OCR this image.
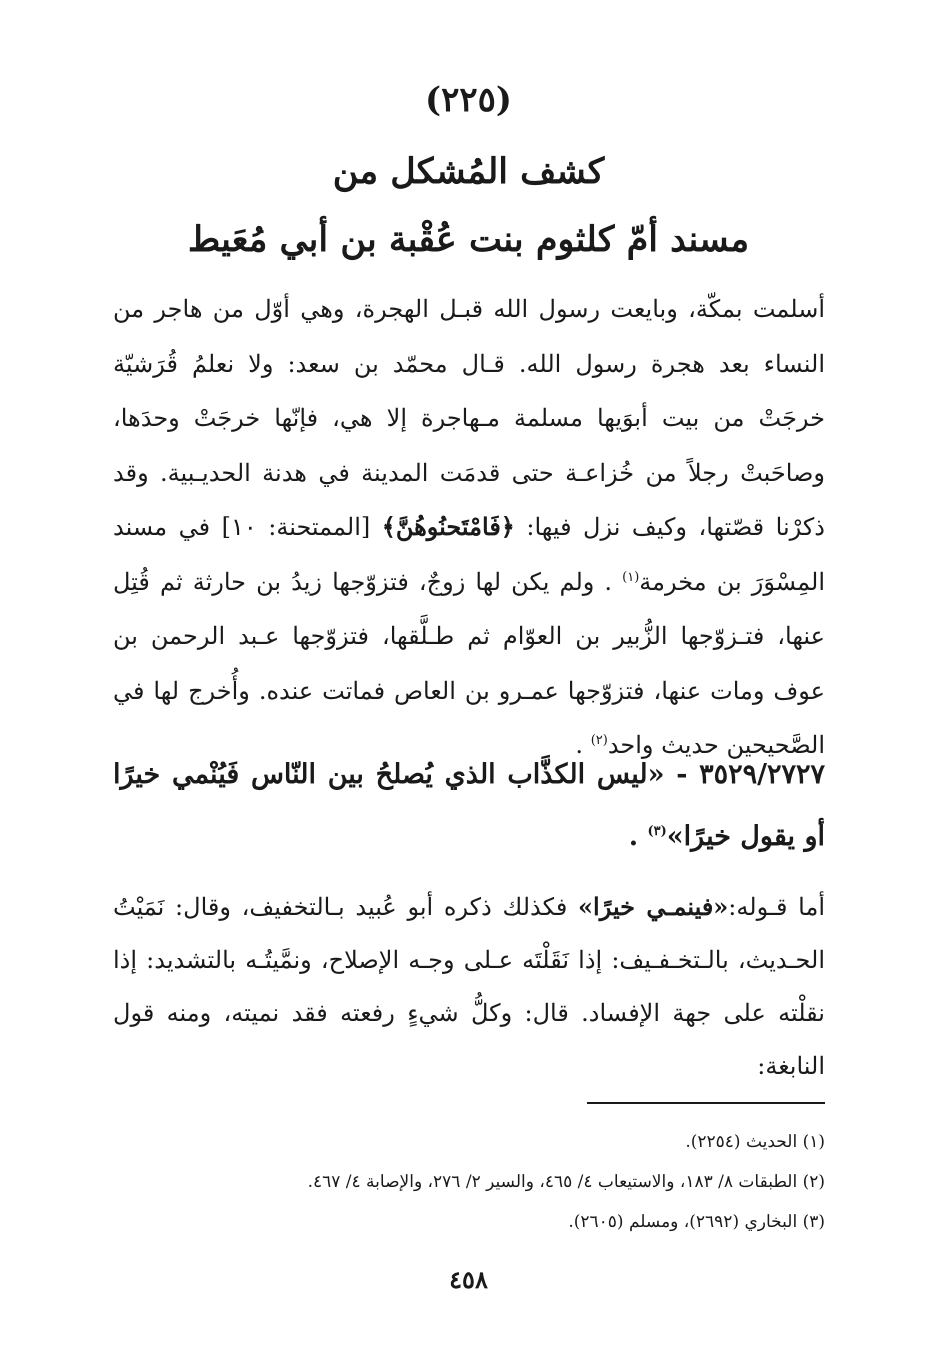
(٢٢٥)
كشف المُشكل من
مسند أمّ كلثوم بنت عُقْبة بن أبي مُعَيط

أسلمت بمكّة، وبايعت رسول الله قبـل الهجرة، وهي أوّل من هاجر من النساء بعد هجرة رسول الله. قـال محمّد بن سعد: ولا نعلمُ قُرَشيّة خرجَتْ من بيت أبوَيها مسلمة مـهاجرة إلا هي، فإنّها خرجَتْ وحدَها، وصاحَبتْ رجلاً من خُزاعـة حتى قدمَت المدينة في هدنة الحديـبية. وقد ذكرْنا قصّتها، وكيف نزل فيها: ﴿فَامْتَحنُوهُنَّ﴾ [الممتحنة: ١٠] في مسند المِسْوَرَ بن مخرمة$^{(١)}$ . ولم يكن لها زوجٌ، فتزوّجها زيدُ بن حارثة ثم قُتِل عنها، فتـزوّجها الزُّبير بن العوّام ثم طـلَّقها، فتزوّجها عـبد الرحمن بن عوف ومات عنها، فتزوّجها عمـرو بن العاص فماتت عنده. وأُخرج لها في الصَّحيحين حديث واحد$^{(٢)}$ .

٣٥٢٩/٢٧٢٧ - «ليس الكذَّاب الذي يُصلحُ بين النّاس فَيُنْمي خيرًا أو يقول خيرًا»$^{(٣)}$ .

أما قـوله:«فينمـي خيرًا» فكذلك ذكره أبو عُبيد بـالتخفيف، وقال: نَمَيْتُ الحـديث، بالـتخـفـيف: إذا نَقَلْتَه عـلى وجـه الإصلاح، ونمَّيتُـه بالتشديد: إذا نقلْته على جهة الإفساد. قال: وكلُّ شيءٍ رفعته فقد نميته، ومنه قول النابغة:

(١) الحديث (٢٢٥٤).

(٢) الطبقات ٨/ ١٨٣، والاستيعاب ٤/ ٤٦٥، والسير ٢/ ٢٧٦، والإصابة ٤/ ٤٦٧.

(٣) البخاري (٢٦٩٢)، ومسلم (٢٦٠٥).

٤٥٨
